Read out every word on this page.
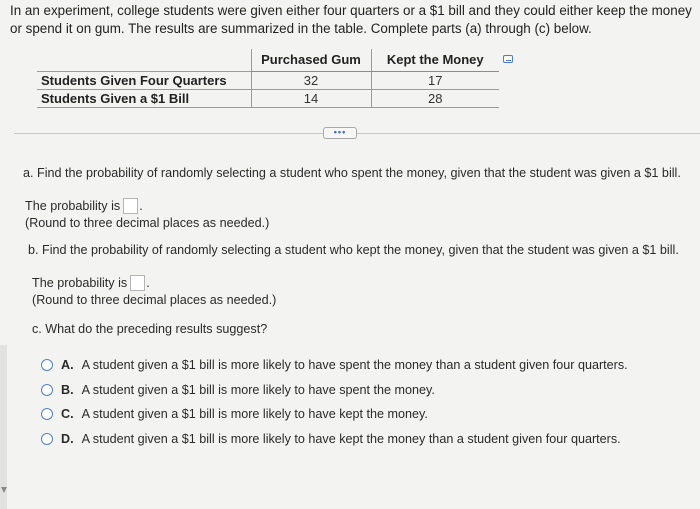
In an experiment, college students were given either four quarters or a $1 bill and they could either keep the money or spend it on gum. The results are summarized in the table. Complete parts (a) through (c) below.
	Purchased Gum	Kept the Money
Students Given Four Quarters	32	17
Students Given a $1 Bill	14	28
•••
a. Find the probability of randomly selecting a student who spent the money, given that the student was given a $1 bill.
The probability is .
(Round to three decimal places as needed.)
b. Find the probability of randomly selecting a student who kept the money, given that the student was given a $1 bill.
The probability is .
(Round to three decimal places as needed.)
c. What do the preceding results suggest?
A. A student given a $1 bill is more likely to have spent the money than a student given four quarters.
B. A student given a $1 bill is more likely to have spent the money.
C. A student given a $1 bill is more likely to have kept the money.
D. A student given a $1 bill is more likely to have kept the money than a student given four quarters.
